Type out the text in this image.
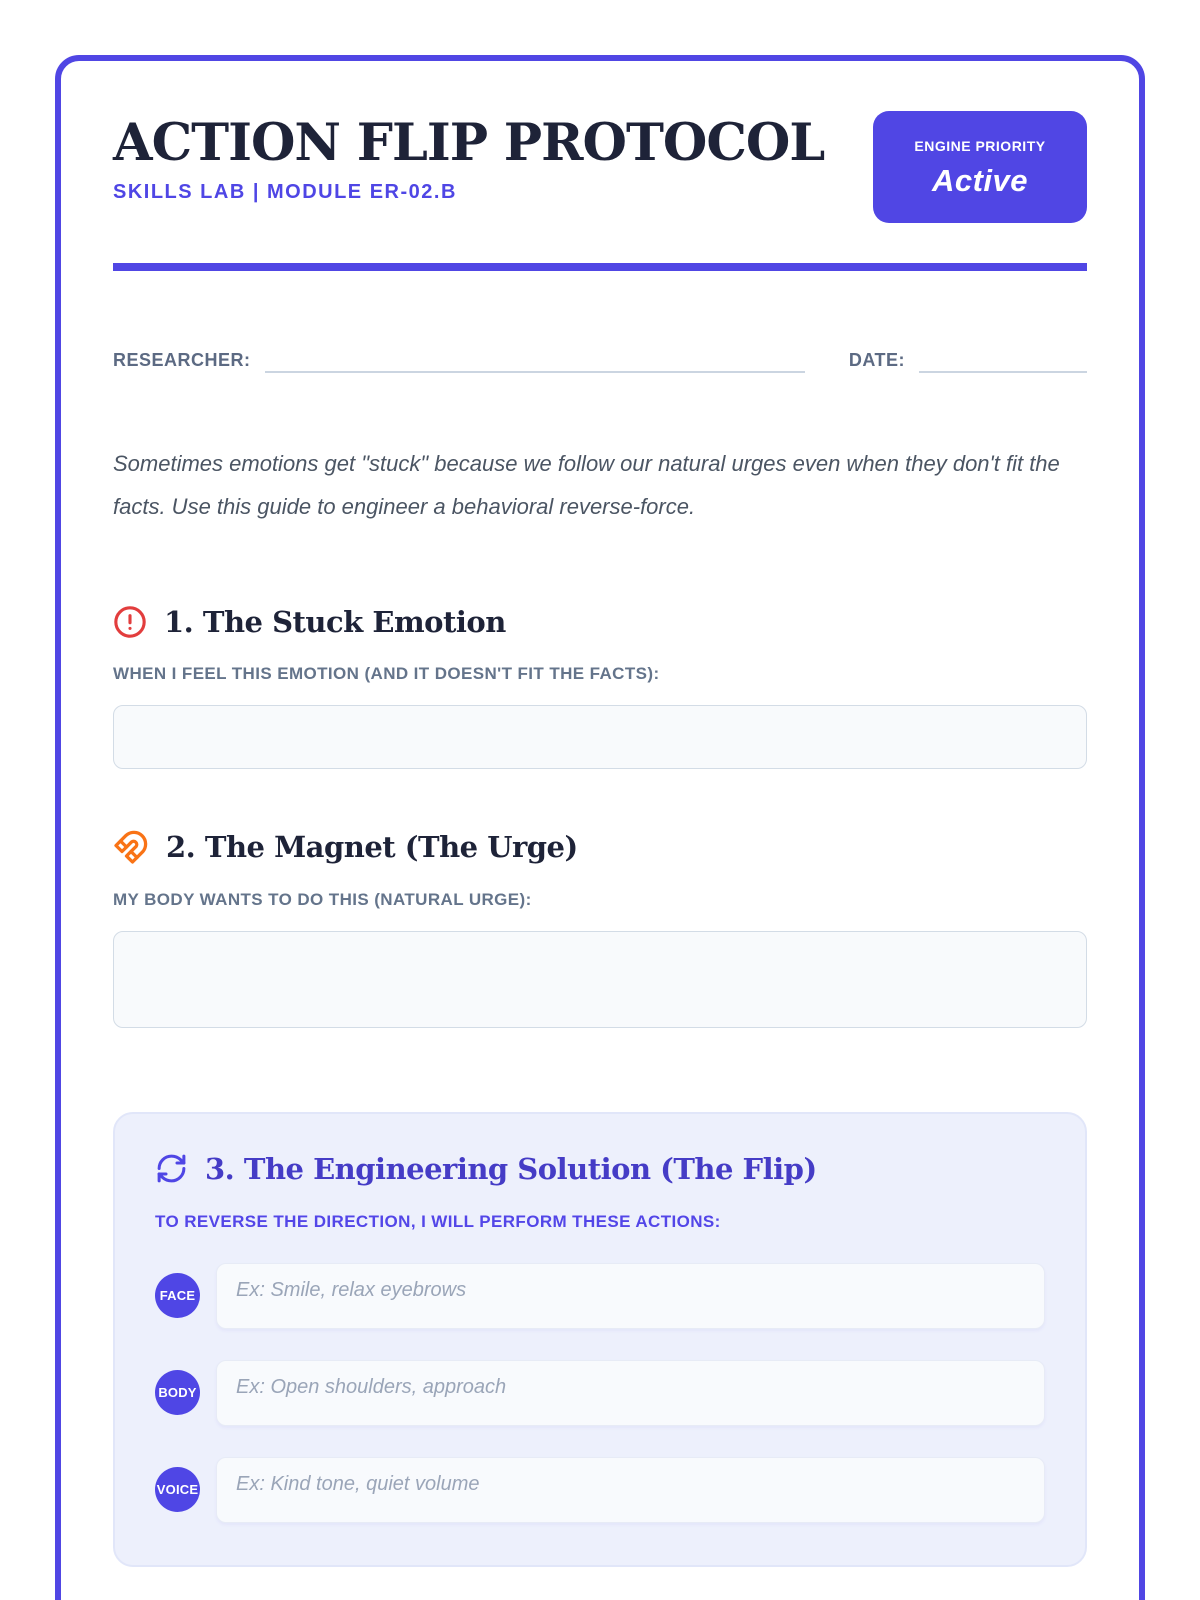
ACTION FLIP PROTOCOL
SKILLS LAB | MODULE ER-02.B
ENGINE PRIORITY
Active
RESEARCHER:	DATE:

Sometimes emotions get "stuck" because we follow our natural urges even when they don't fit the facts. Use this guide to engineer a behavioral reverse-force.

1. The Stuck Emotion
WHEN I FEEL THIS EMOTION (AND IT DOESN'T FIT THE FACTS):
2. The Magnet (The Urge)
MY BODY WANTS TO DO THIS (NATURAL URGE):
3. The Engineering Solution (The Flip)
TO REVERSE THE DIRECTION, I WILL PERFORM THESE ACTIONS:
FACE
Ex: Smile, relax eyebrows
BODY
Ex: Open shoulders, approach
VOICE
Ex: Kind tone, quiet volume
